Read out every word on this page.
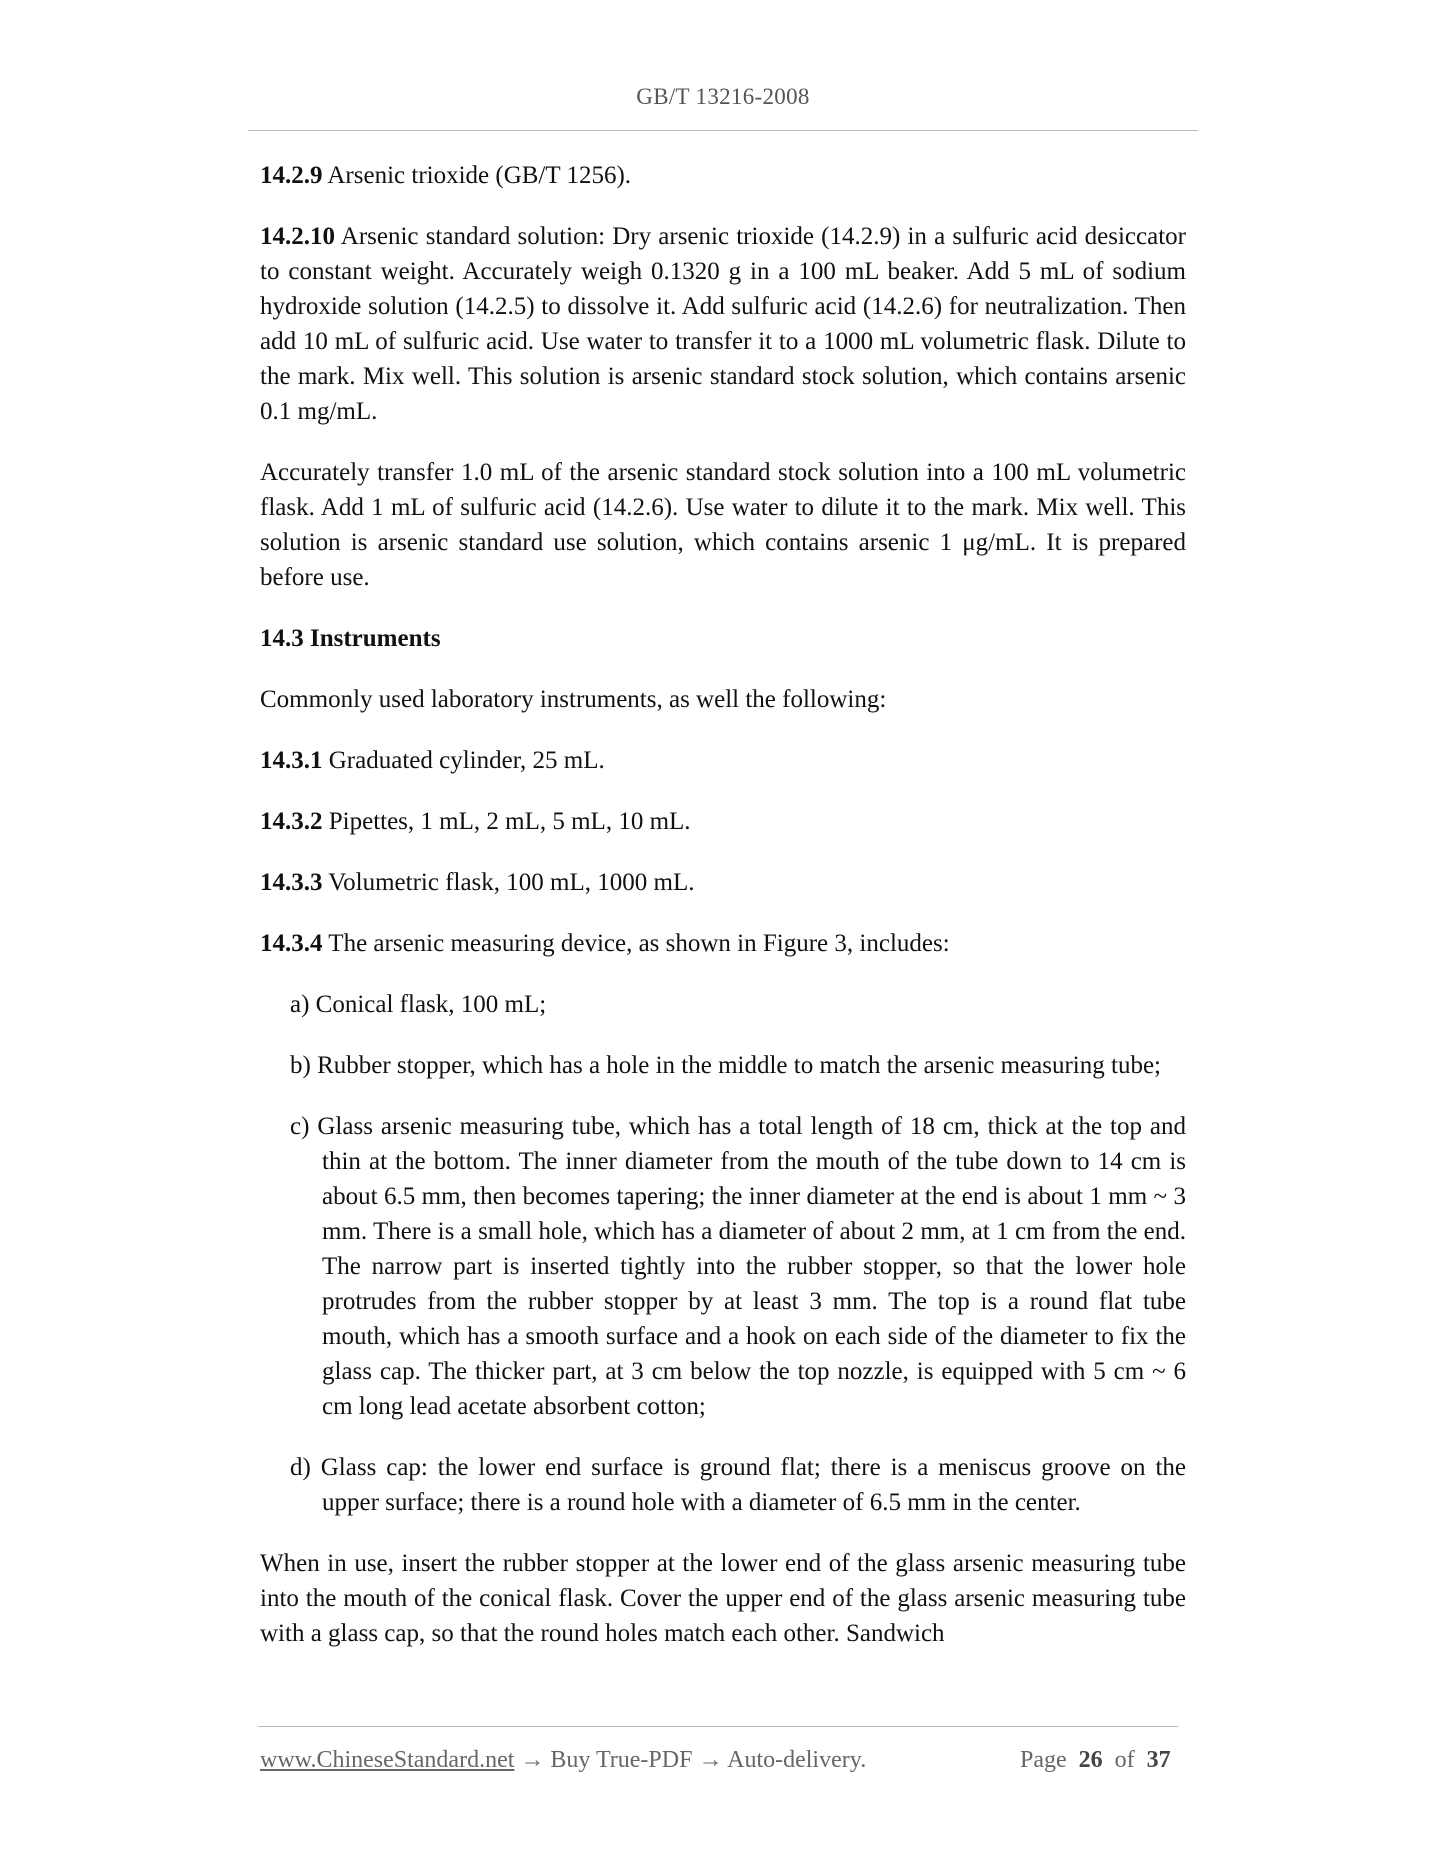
GB/T 13216-2008

14.2.9 Arsenic trioxide (GB/T 1256).

14.2.10 Arsenic standard solution: Dry arsenic trioxide (14.2.9) in a sulfuric acid desiccator to constant weight. Accurately weigh 0.1320 g in a 100 mL beaker. Add 5 mL of sodium hydroxide solution (14.2.5) to dissolve it. Add sulfuric acid (14.2.6) for neutralization. Then add 10 mL of sulfuric acid. Use water to transfer it to a 1000 mL volumetric flask. Dilute to the mark. Mix well. This solution is arsenic standard stock solution, which contains arsenic 0.1 mg/mL.

Accurately transfer 1.0 mL of the arsenic standard stock solution into a 100 mL volumetric flask. Add 1 mL of sulfuric acid (14.2.6). Use water to dilute it to the mark. Mix well. This solution is arsenic standard use solution, which contains arsenic 1 μg/mL. It is prepared before use.

14.3 Instruments

Commonly used laboratory instruments, as well the following:

14.3.1 Graduated cylinder, 25 mL.

14.3.2 Pipettes, 1 mL, 2 mL, 5 mL, 10 mL.

14.3.3 Volumetric flask, 100 mL, 1000 mL.

14.3.4 The arsenic measuring device, as shown in Figure 3, includes:

a) Conical flask, 100 mL;
b) Rubber stopper, which has a hole in the middle to match the arsenic measuring tube;
c) Glass arsenic measuring tube, which has a total length of 18 cm, thick at the top and thin at the bottom. The inner diameter from the mouth of the tube down to 14 cm is about 6.5 mm, then becomes tapering; the inner diameter at the end is about 1 mm ~ 3 mm. There is a small hole, which has a diameter of about 2 mm, at 1 cm from the end. The narrow part is inserted tightly into the rubber stopper, so that the lower hole protrudes from the rubber stopper by at least 3 mm. The top is a round flat tube mouth, which has a smooth surface and a hook on each side of the diameter to fix the glass cap. The thicker part, at 3 cm below the top nozzle, is equipped with 5 cm ~ 6 cm long lead acetate absorbent cotton;
d) Glass cap: the lower end surface is ground flat; there is a meniscus groove on the upper surface; there is a round hole with a diameter of 6.5 mm in the center.

When in use, insert the rubber stopper at the lower end of the glass arsenic measuring tube into the mouth of the conical flask. Cover the upper end of the glass arsenic measuring tube with a glass cap, so that the round holes match each other. Sandwich

www.ChineseStandard.net → Buy True-PDF → Auto-delivery.	Page 26 of 37
